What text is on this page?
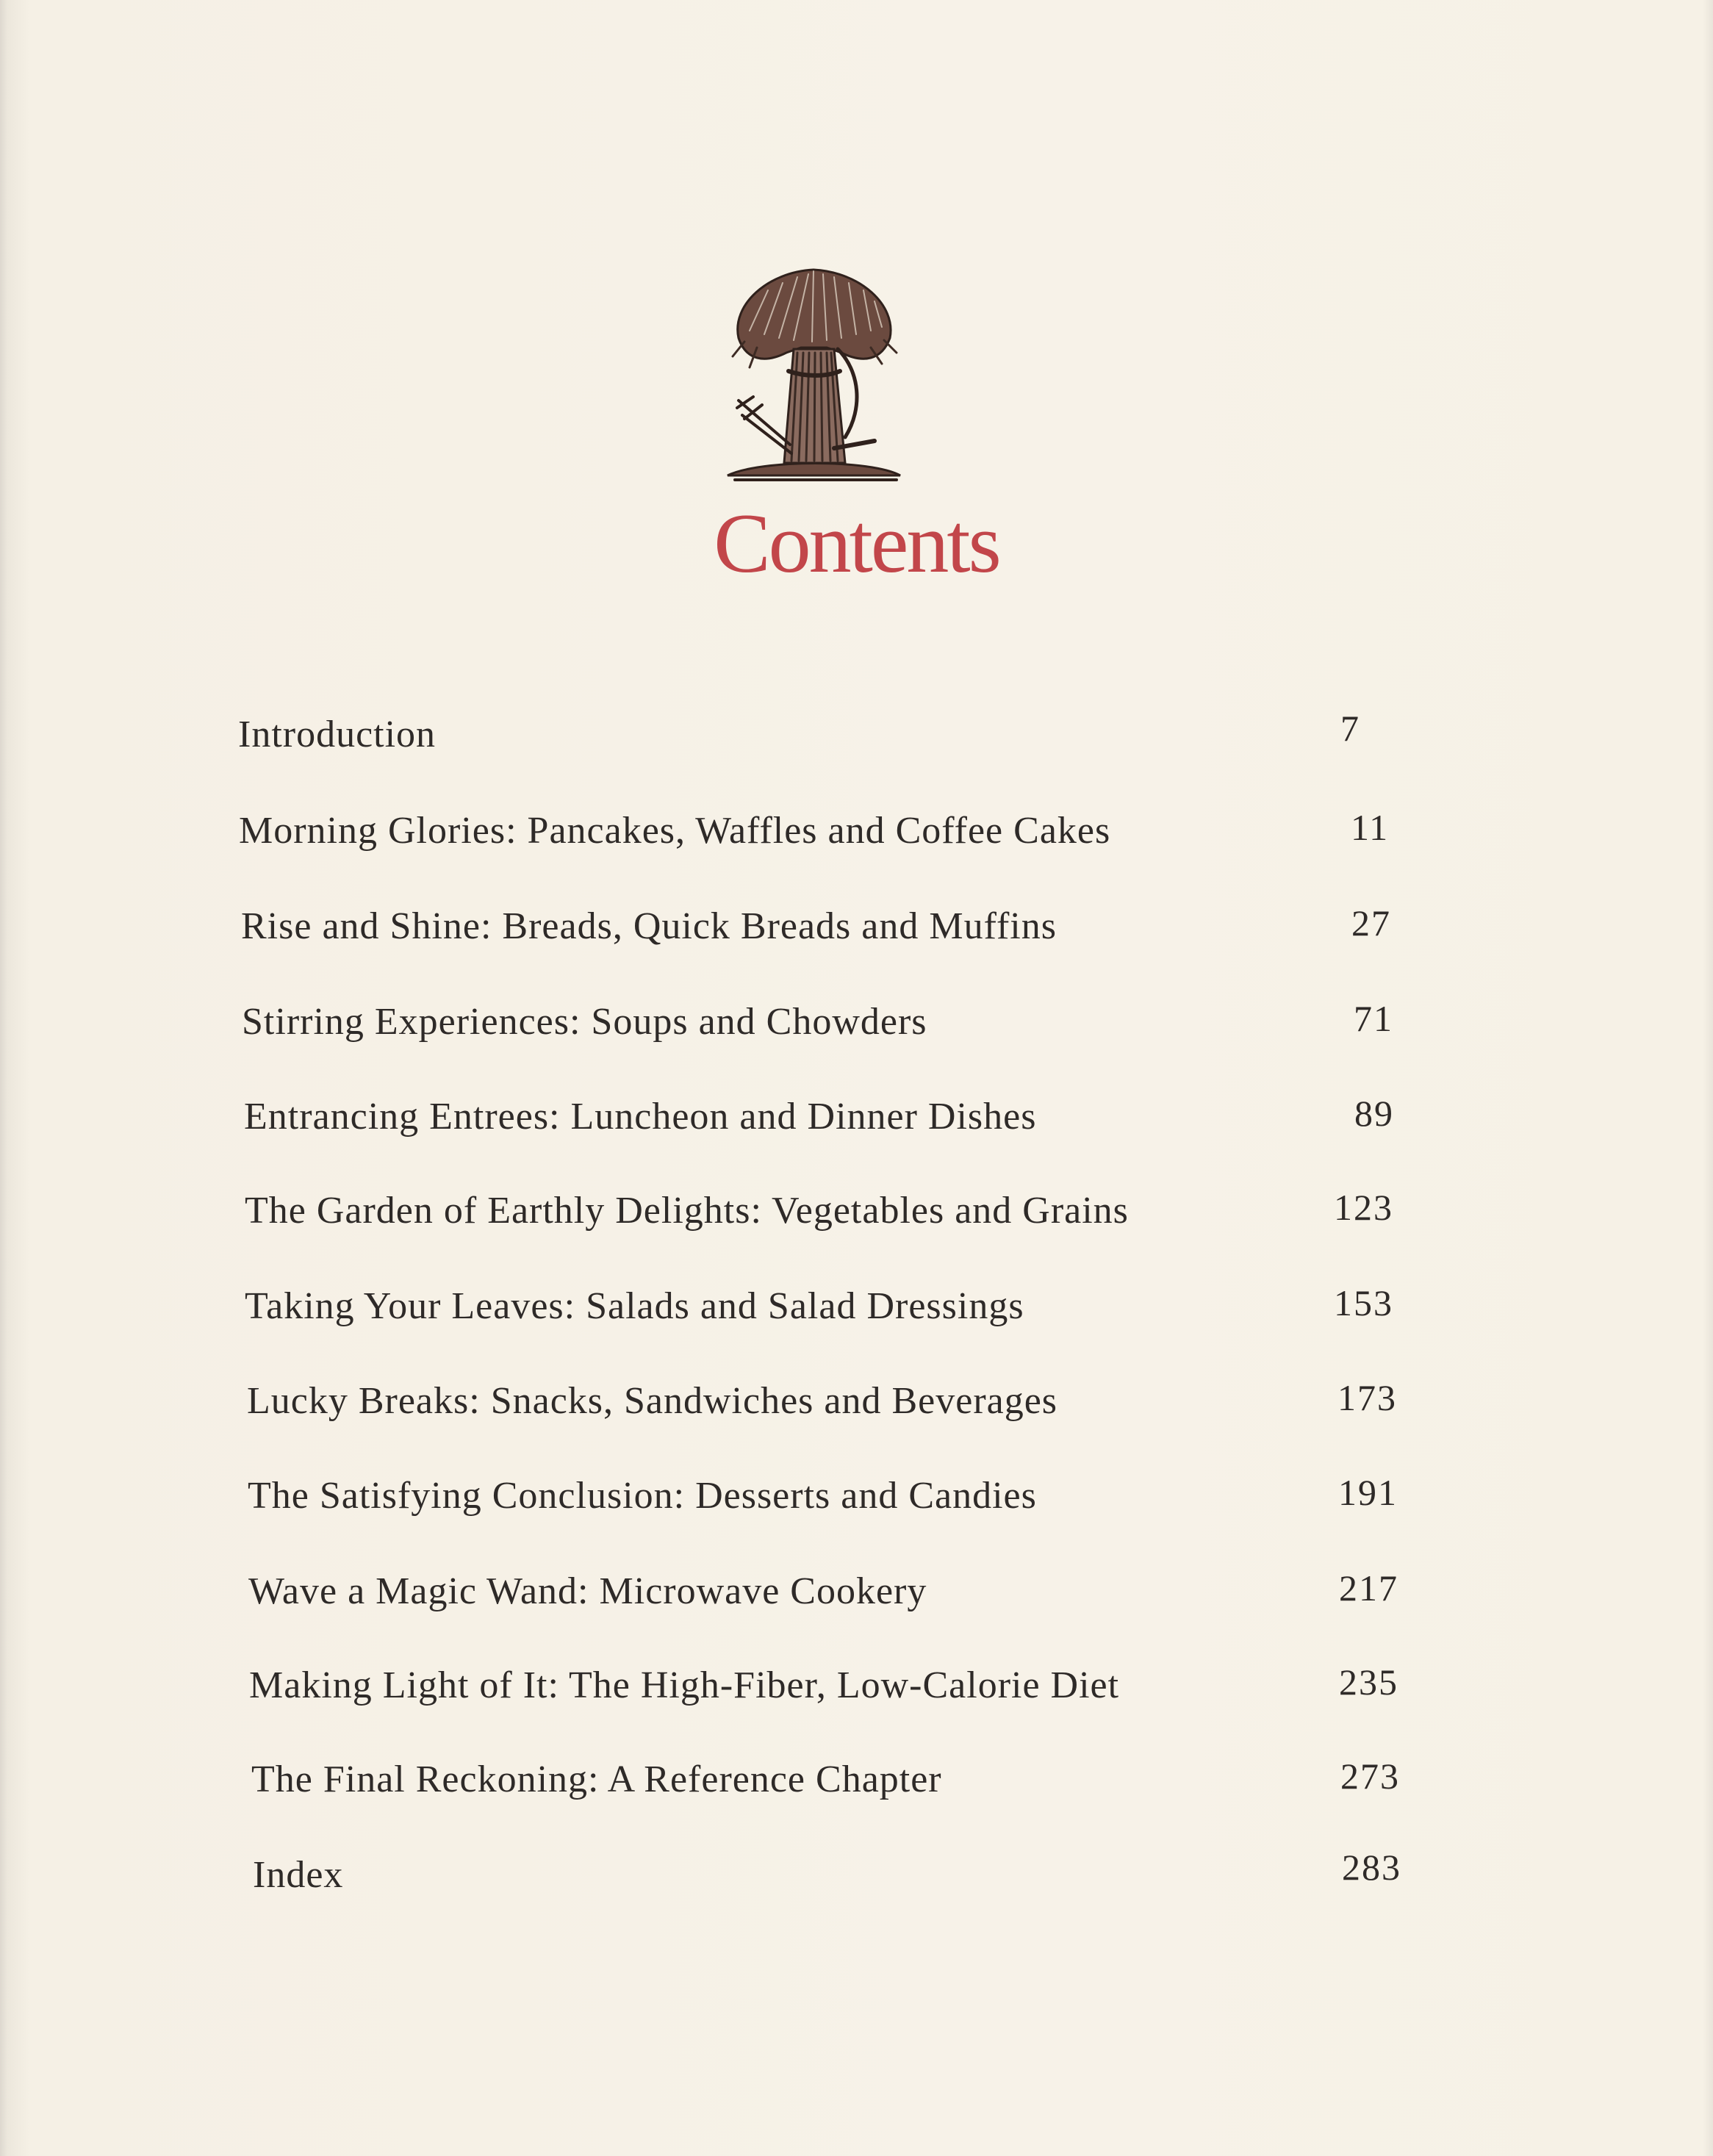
Contents
Introduction	7
Morning Glories: Pancakes, Waffles and Coffee Cakes	11
Rise and Shine: Breads, Quick Breads and Muffins	27
Stirring Experiences: Soups and Chowders	71
Entrancing Entrees: Luncheon and Dinner Dishes	89
The Garden of Earthly Delights: Vegetables and Grains	123
Taking Your Leaves: Salads and Salad Dressings	153
Lucky Breaks: Snacks, Sandwiches and Beverages	173
The Satisfying Conclusion: Desserts and Candies	191
Wave a Magic Wand: Microwave Cookery	217
Making Light of It: The High-Fiber, Low-Calorie Diet	235
The Final Reckoning: A Reference Chapter	273
Index	283
